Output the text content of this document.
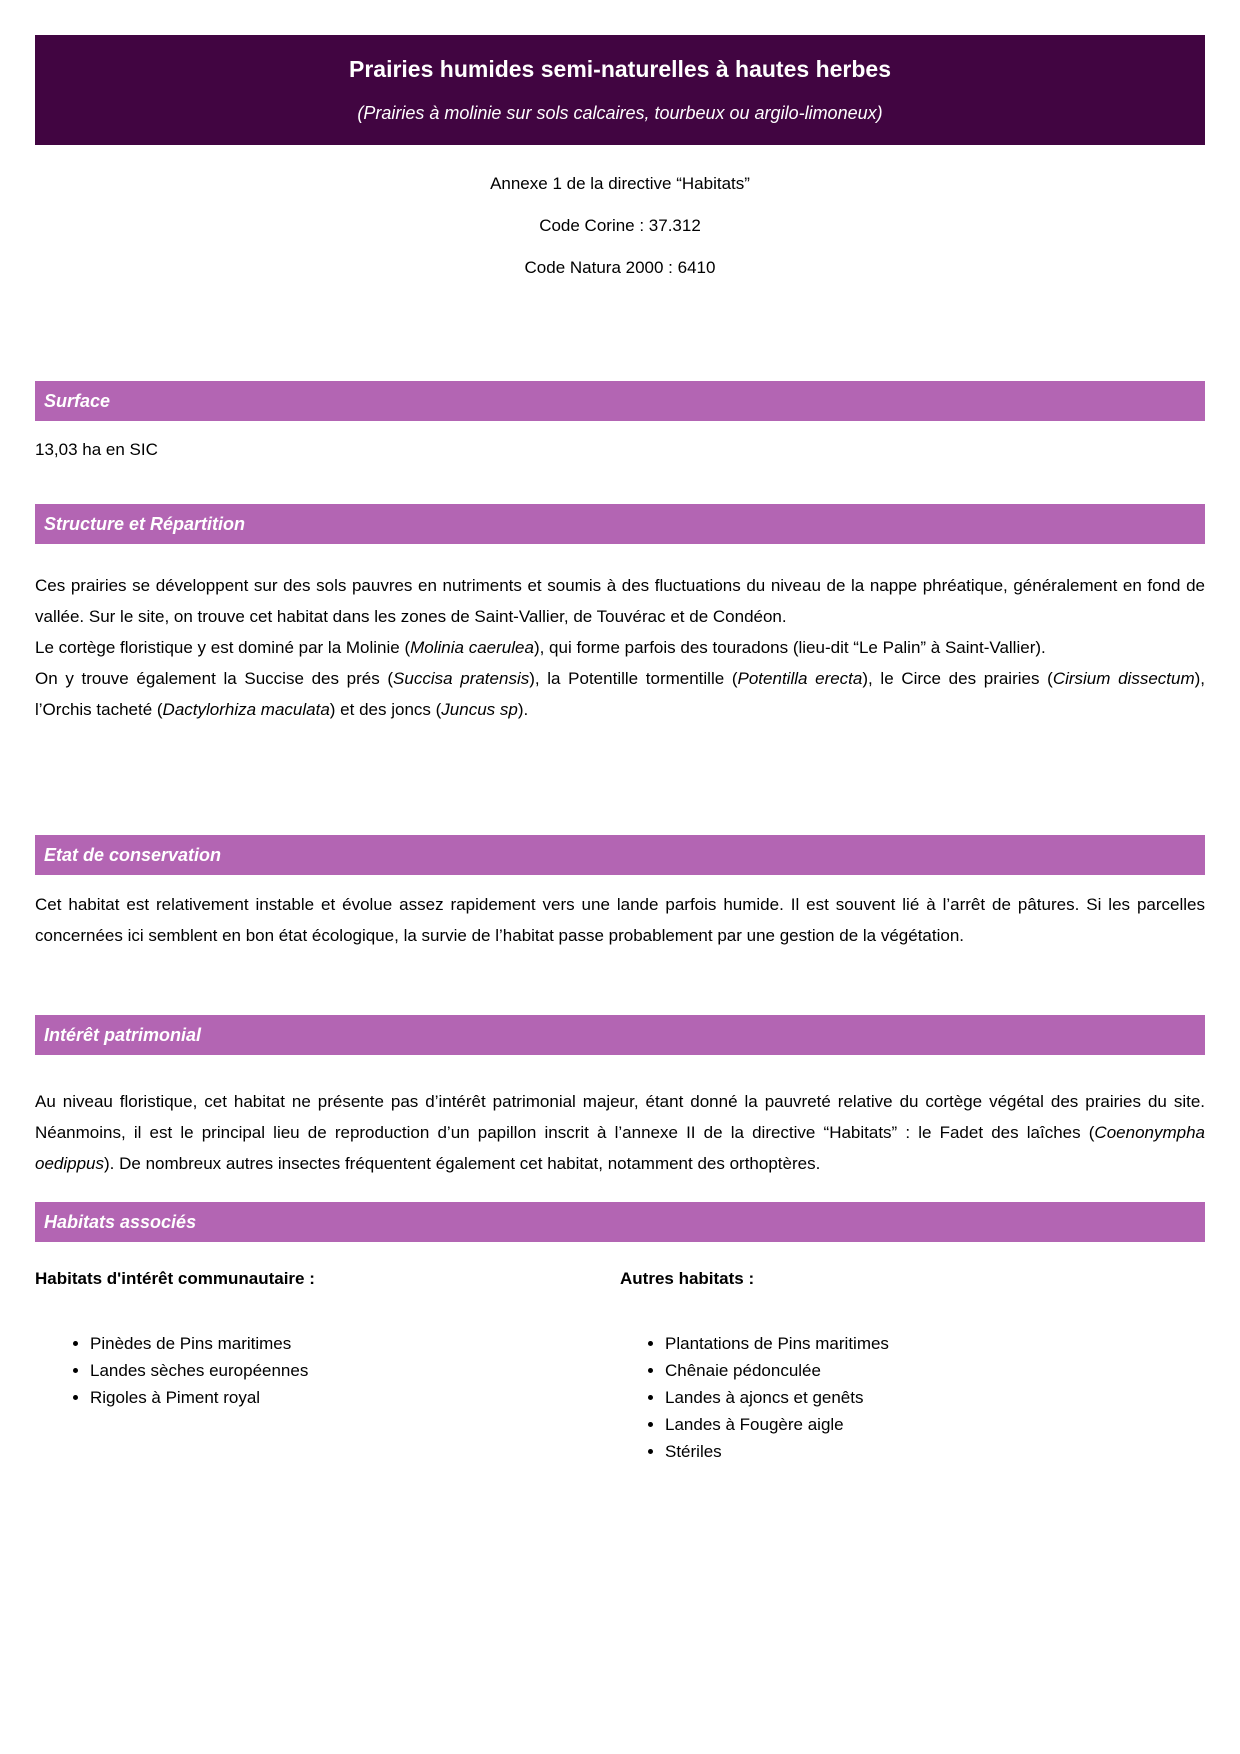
Prairies humides semi-naturelles à hautes herbes
(Prairies à molinie sur sols calcaires, tourbeux ou argilo-limoneux)
Annexe 1 de la directive “Habitats”
Code Corine : 37.312
Code Natura 2000 : 6410
Surface

13,03 ha en SIC

Structure et Répartition

Ces prairies se développent sur des sols pauvres en nutriments et soumis à des fluctuations du niveau de la nappe phréatique, généralement en fond de vallée. Sur le site, on trouve cet habitat dans les zones de Saint-Vallier, de Touvérac et de Condéon.

Le cortège floristique y est dominé par la Molinie (Molinia caerulea), qui forme parfois des touradons (lieu-dit “Le Palin” à Saint-Vallier).

On y trouve également la Succise des prés (Succisa pratensis), la Potentille tormentille (Potentilla erecta), le Circe des prairies (Cirsium dissectum), l’Orchis tacheté (Dactylorhiza maculata) et des joncs (Juncus sp).

Etat de conservation

Cet habitat est relativement instable et évolue assez rapidement vers une lande parfois humide. Il est souvent lié à l’arrêt de pâtures. Si les parcelles concernées ici semblent en bon état écologique, la survie de l’habitat passe probablement par une gestion de la végétation.

Intérêt patrimonial

Au niveau floristique, cet habitat ne présente pas d’intérêt patrimonial majeur, étant donné la pauvreté relative du cortège végétal des prairies du site. Néanmoins, il est le principal lieu de reproduction d’un papillon inscrit à l’annexe II de la directive “Habitats” : le Fadet des laîches (Coenonympha oedippus). De nombreux autres insectes fréquentent également cet habitat, notamment des orthoptères.

Habitats associés
Habitats d'intérêt communautaire :
• Pinèdes de Pins maritimes
• Landes sèches européennes
• Rigoles à Piment royal
Autres habitats :
• Plantations de Pins maritimes
• Chênaie pédonculée
• Landes à ajoncs et genêts
• Landes à Fougère aigle
• Stériles
